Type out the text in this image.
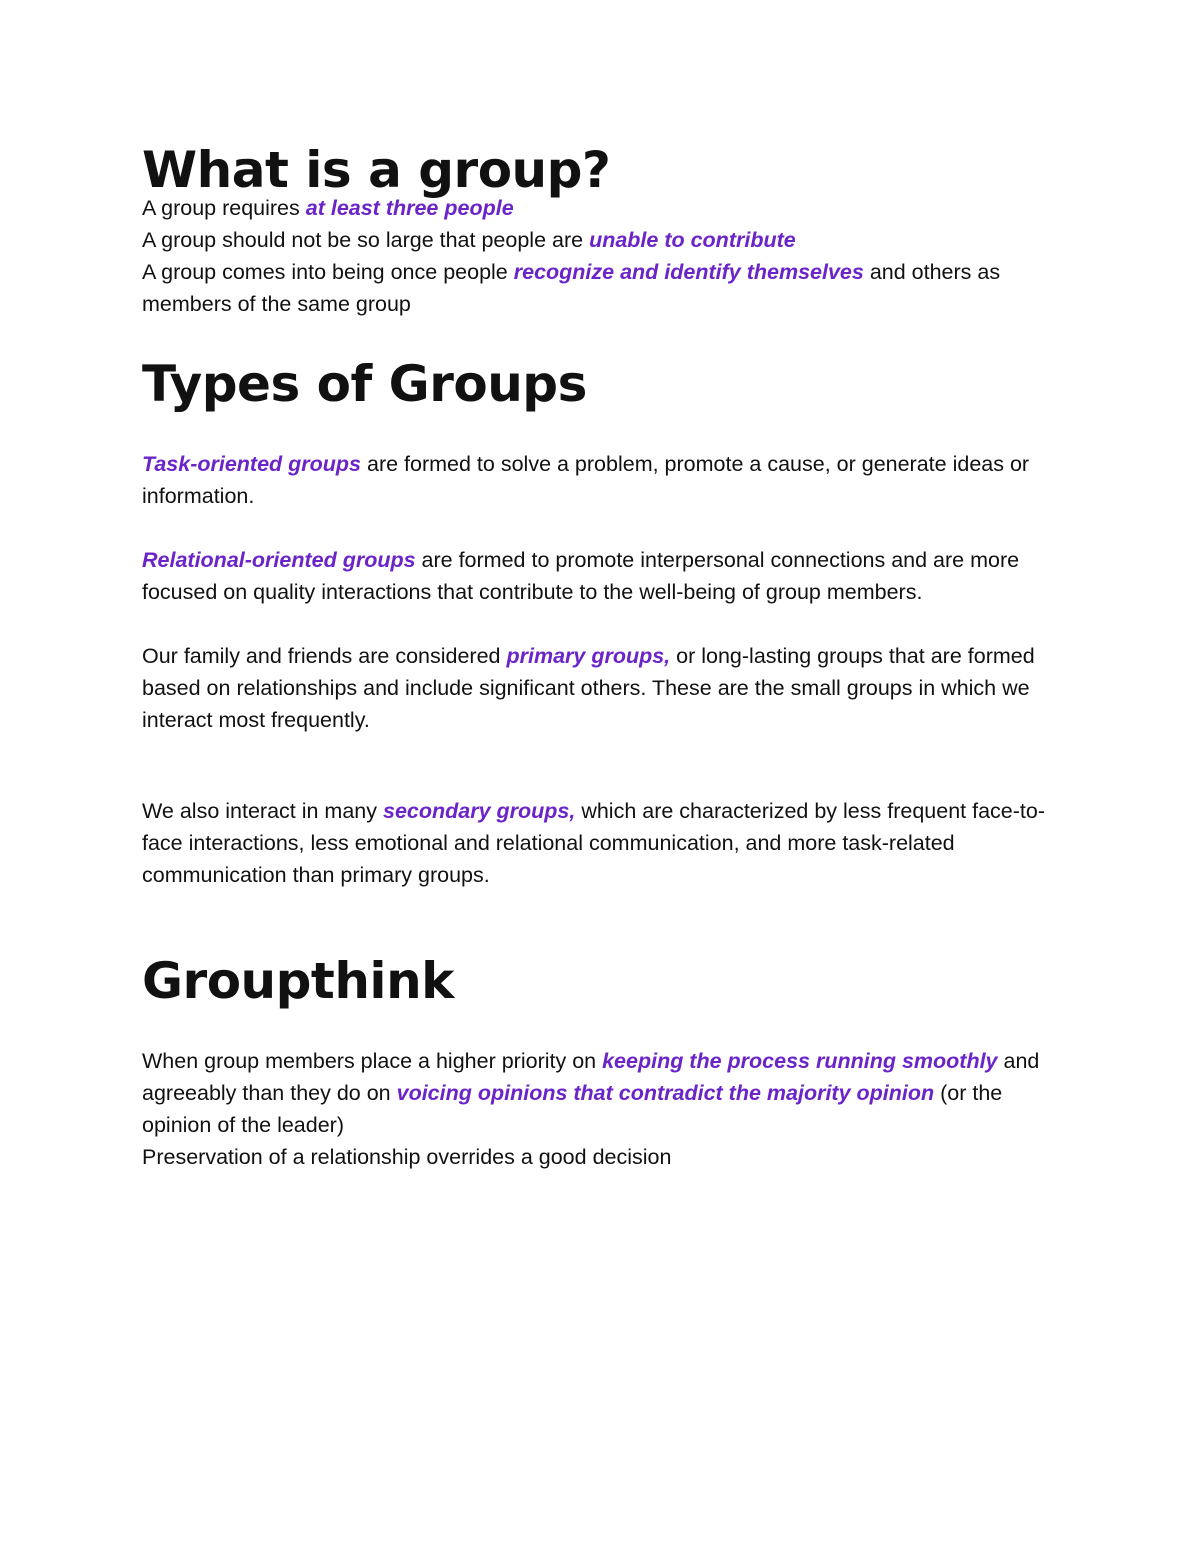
What is a group?

A group requires at least three people

A group should not be so large that people are unable to contribute

A group comes into being once people recognize and identify themselves and others as members of the same group

Types of Groups

Task-oriented groups are formed to solve a problem, promote a cause, or generate ideas or information.

Relational-oriented groups are formed to promote interpersonal connections and are more focused on quality interactions that contribute to the well-being of group members.

Our family and friends are considered primary groups, or long-lasting groups that are formed based on relationships and include significant others. These are the small groups in which we interact most frequently.

We also interact in many secondary groups, which are characterized by less frequent face-to-face interactions, less emotional and relational communication, and more task-related communication than primary groups.

Groupthink

When group members place a higher priority on keeping the process running smoothly and agreeably than they do on voicing opinions that contradict the majority opinion (or the opinion of the leader)

Preservation of a relationship overrides a good decision
